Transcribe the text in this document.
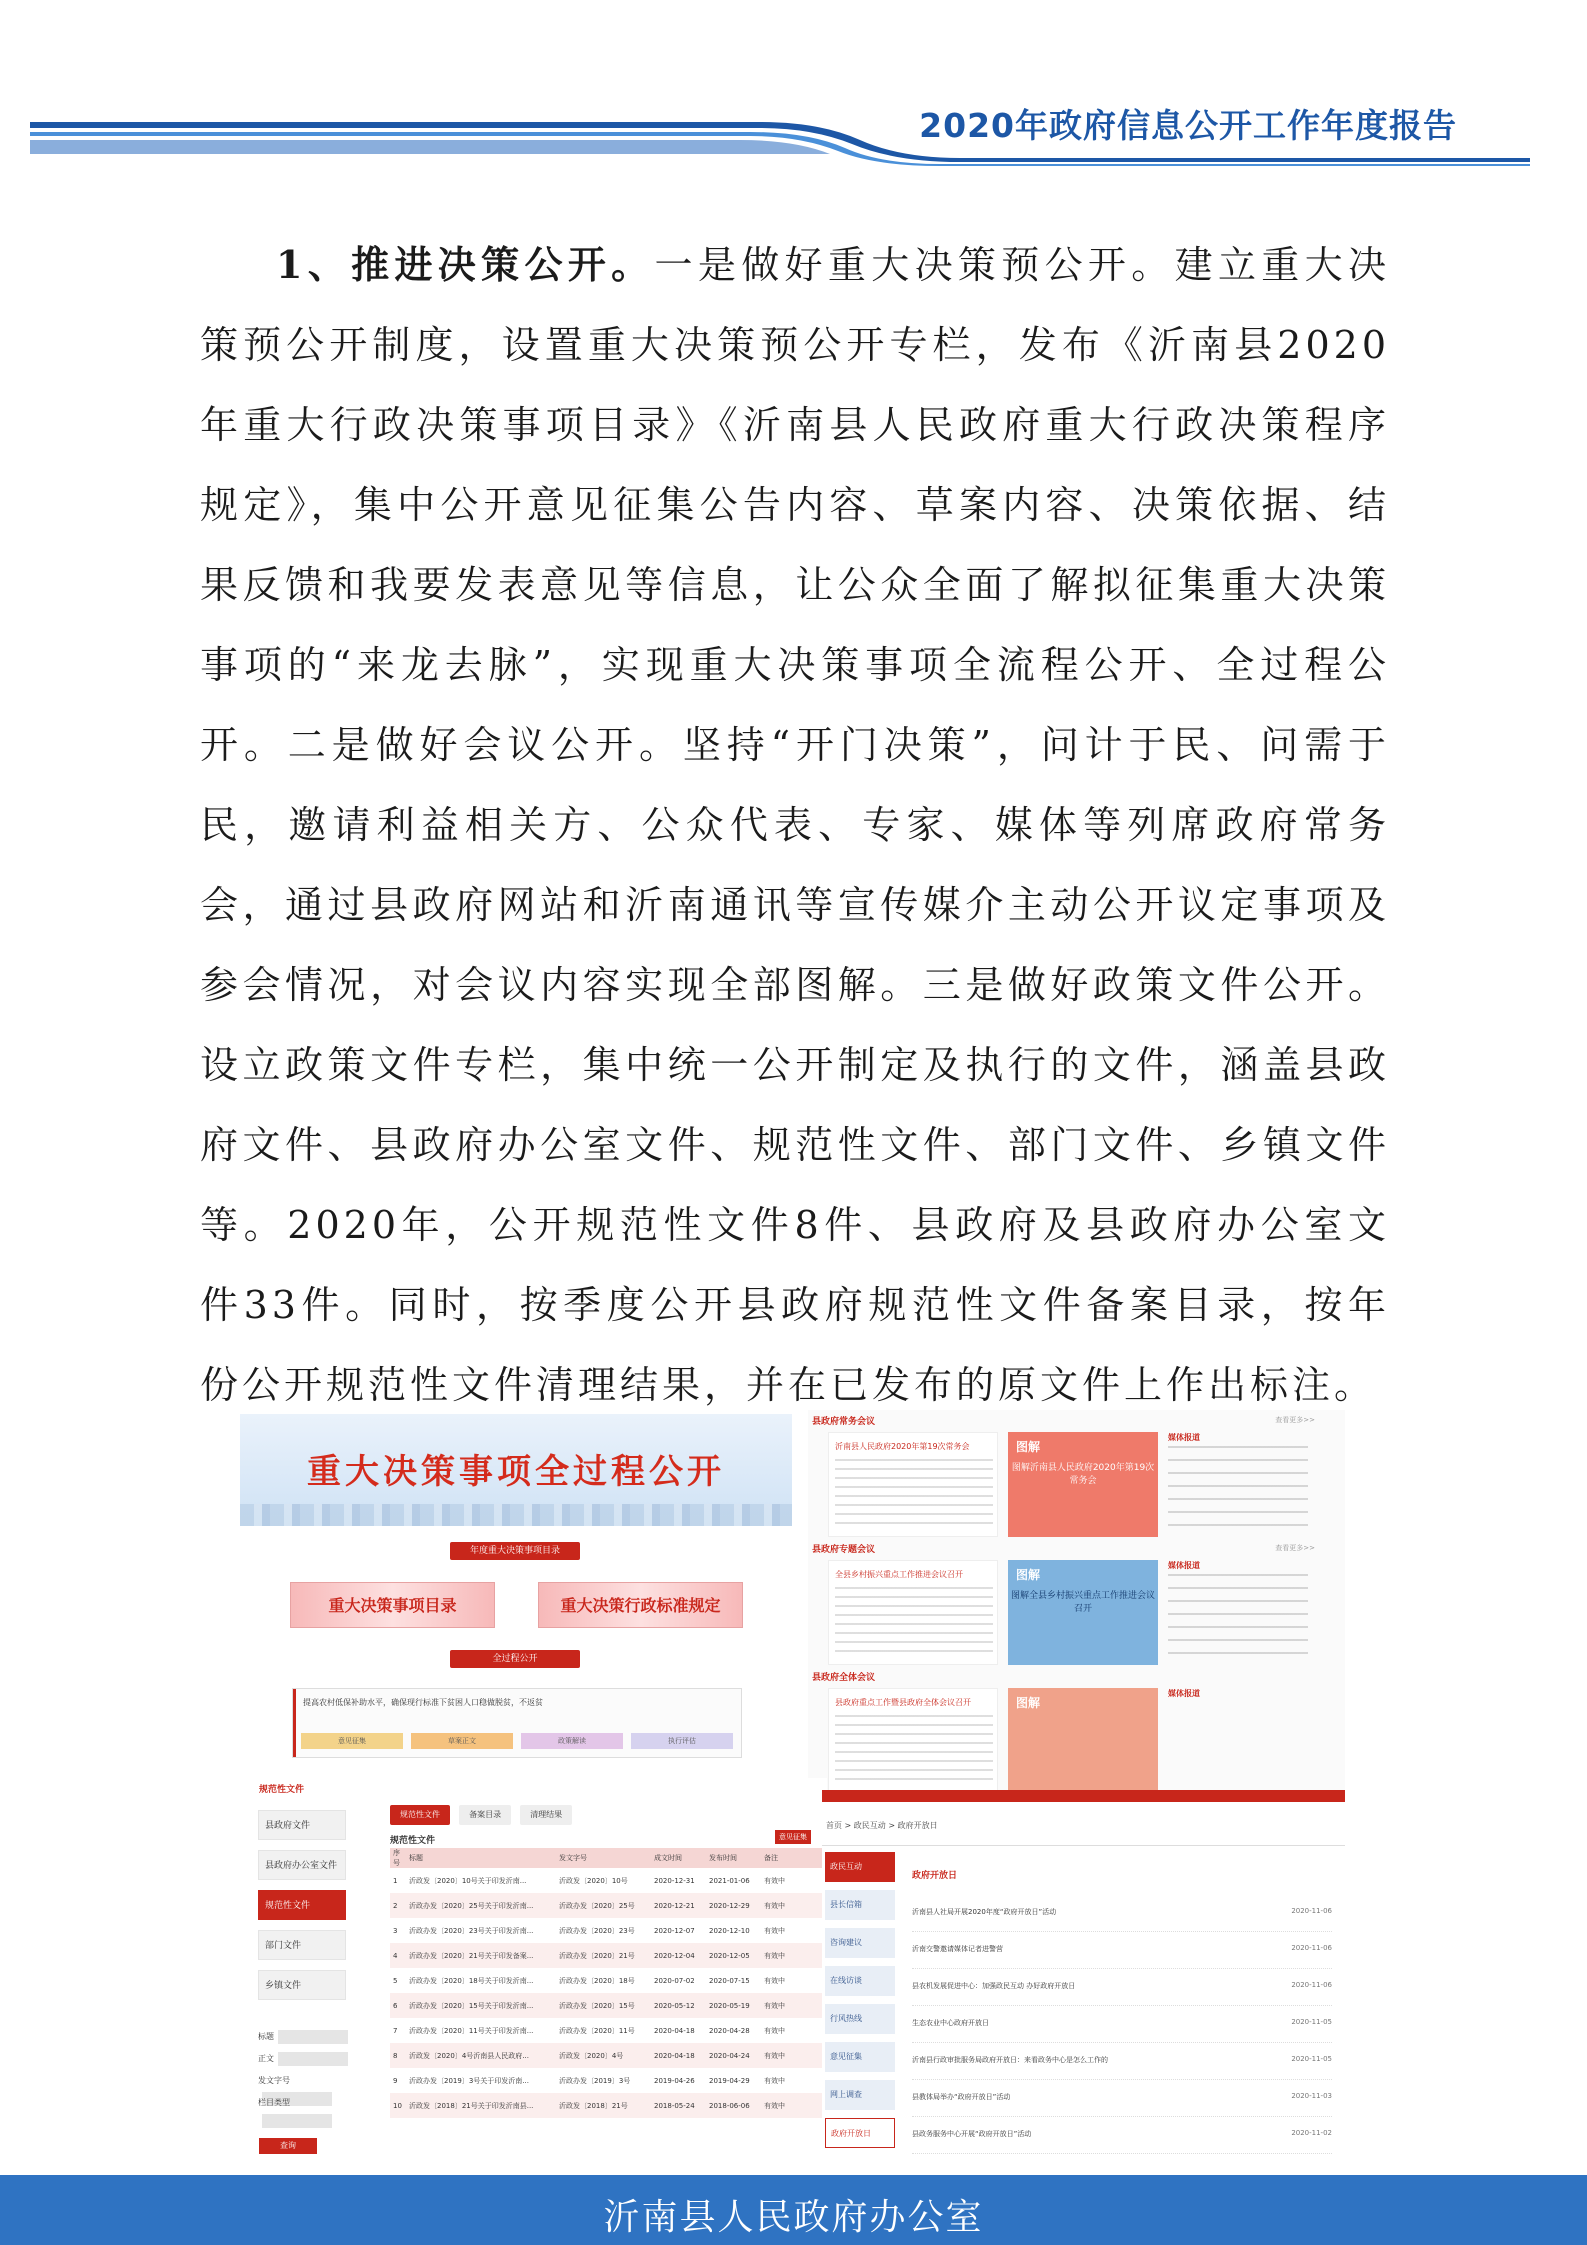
2020年政府信息公开工作年度报告

1、推进决策公开。一是做好重大决策预公开。建立重大决策预公开制度，设置重大决策预公开专栏，发布《沂南县2020年重大行政决策事项目录》《沂南县人民政府重大行政决策程序规定》，集中公开意见征集公告内容、草案内容、决策依据、结果反馈和我要发表意见等信息，让公众全面了解拟征集重大决策事项的“来龙去脉”，实现重大决策事项全流程公开、全过程公开。二是做好会议公开。坚持“开门决策”，问计于民、问需于民，邀请利益相关方、公众代表、专家、媒体等列席政府常务会，通过县政府网站和沂南通讯等宣传媒介主动公开议定事项及参会情况，对会议内容实现全部图解。三是做好政策文件公开。设立政策文件专栏，集中统一公开制定及执行的文件，涵盖县政府文件、县政府办公室文件、规范性文件、部门文件、乡镇文件等。2020年，公开规范性文件8件、县政府及县政府办公室文件33件。同时，按季度公开县政府规范性文件备案目录，按年份公开规范性文件清理结果，并在已发布的原文件上作出标注。

重大决策事项全过程公开
年度重大决策事项目录
重大决策事项目录	重大决策行政标准规定
全过程公开
提高农村低保补助水平，确保现行标准下贫困人口稳做脱贫，不返贫
意见征集	草案正文	政策解读	执行评估
县政府常务会议	查看更多>>
沂南县人民政府2020年第19次常务会	图解
图解沂南县人民政府2020年第19次常务会
媒体报道
县政府专题会议	查看更多>>
全县乡村振兴重点工作推进会议召开	图解
图解全县乡村振兴重点工作推进会议召开
媒体报道
县政府全体会议
县政府重点工作暨县政府全体会议召开	图解
媒体报道
规范性文件
县政府文件
县政府办公室文件
规范性文件
部门文件
乡镇文件
标题
正文
发文字号
栏目类型
查询
规范性文件	备案目录	清理结果
规范性文件	意见征集
序号	标题	发文字号	成文时间	发布时间	备注
1	沂政发〔2020〕10号关于印发沂南...	沂政发〔2020〕10号	2020-12-31	2021-01-06	有效中
2	沂政办发〔2020〕25号关于印发沂南...	沂政办发〔2020〕25号	2020-12-21	2020-12-29	有效中
3	沂政办发〔2020〕23号关于印发沂南...	沂政办发〔2020〕23号	2020-12-07	2020-12-10	有效中
4	沂政办发〔2020〕21号关于印发备案...	沂政办发〔2020〕21号	2020-12-04	2020-12-05	有效中
5	沂政办发〔2020〕18号关于印发沂南...	沂政办发〔2020〕18号	2020-07-02	2020-07-15	有效中
6	沂政办发〔2020〕15号关于印发沂南...	沂政办发〔2020〕15号	2020-05-12	2020-05-19	有效中
7	沂政办发〔2020〕11号关于印发沂南...	沂政办发〔2020〕11号	2020-04-18	2020-04-28	有效中
8	沂政发〔2020〕4号沂南县人民政府...	沂政发〔2020〕4号	2020-04-18	2020-04-24	有效中
9	沂政办发〔2019〕3号关于印发沂南...	沂政办发〔2019〕3号	2019-04-26	2019-04-29	有效中
10	沂政发〔2018〕21号关于印发沂南县...	沂政发〔2018〕21号	2018-05-24	2018-06-06	有效中
首页 > 政民互动 > 政府开放日
政民互动
县长信箱
咨询建议
在线访谈
行风热线
意见征集
网上调查
政府开放日
政府开放日
沂南县人社局开展2020年度“政府开放日”活动	2020-11-06
沂南交警邀请媒体记者进警营	2020-11-06
县农机发展促进中心：加强政民互动 办好政府开放日	2020-11-06
生态农业中心政府开放日	2020-11-05
沂南县行政审批服务局政府开放日：来看政务中心是怎么工作的	2020-11-05
县教体局举办“政府开放日”活动	2020-11-03
县政务服务中心开展“政府开放日”活动	2020-11-02
沂南县人民政府办公室
